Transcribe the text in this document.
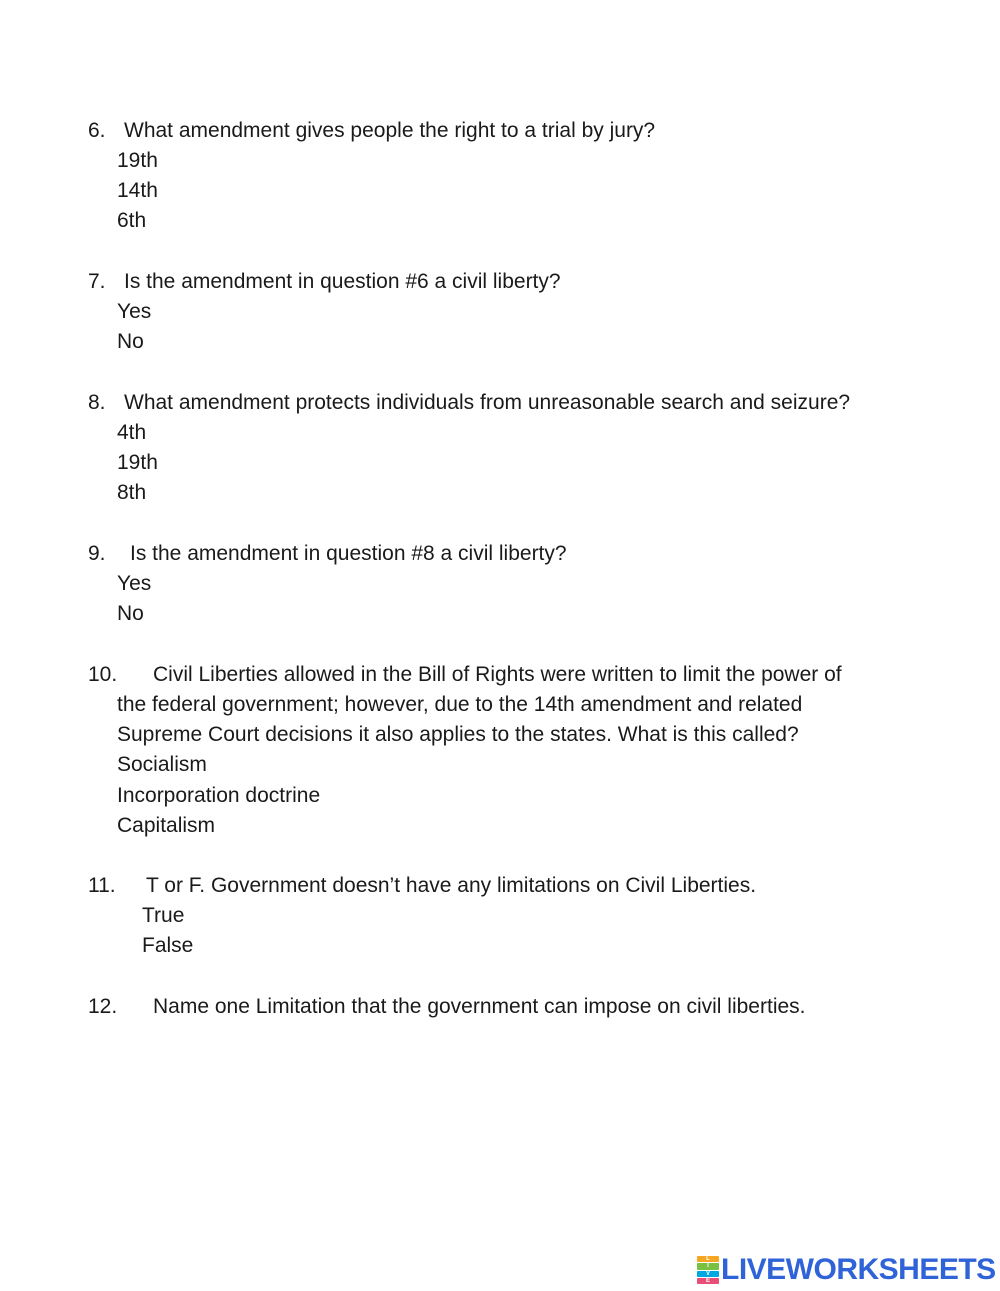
6. What amendment gives people the right to a trial by jury?

19th

14th

6th

7. Is the amendment in question #6 a civil liberty?

Yes

No

8. What amendment protects individuals from unreasonable search and seizure?

4th

19th

8th

9. Is the amendment in question #8 a civil liberty?

Yes

No

10. Civil Liberties allowed in the Bill of Rights were written to limit the power of

the federal government; however, due to the 14th amendment and related

Supreme Court decisions it also applies to the states. What is this called?

Socialism

Incorporation doctrine

Capitalism

11. T or F. Government doesn’t have any limitations on Civil Liberties.

True

False

12. Name one Limitation that the government can impose on civil liberties.

L
I
V
E LIVEWORKSHEETS
